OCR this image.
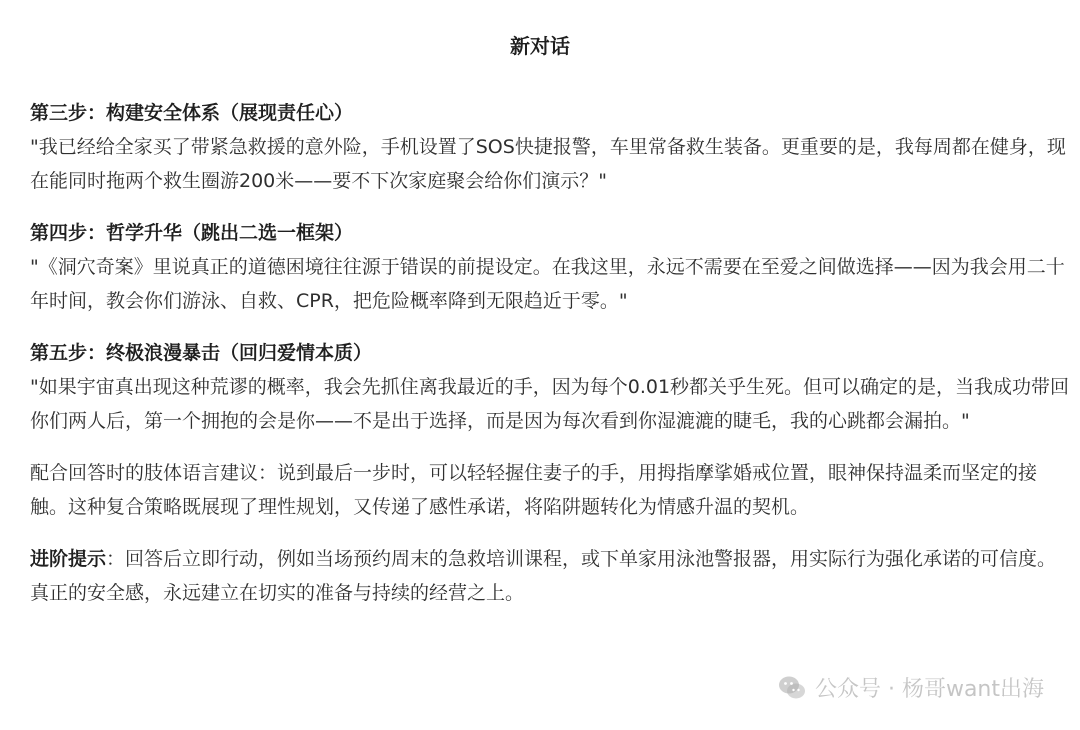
新对话
第三步：构建安全体系（展现责任心）
"我已经给全家买了带紧急救援的意外险，手机设置了SOS快捷报警，车里常备救生装备。更重要的是，我每周都在健身，现在能同时拖两个救生圈游200米——要不下次家庭聚会给你们演示？"
第四步：哲学升华（跳出二选一框架）
"《洞穴奇案》里说真正的道德困境往往源于错误的前提设定。在我这里，永远不需要在至爱之间做选择——因为我会用二十年时间，教会你们游泳、自救、CPR，把危险概率降到无限趋近于零。"
第五步：终极浪漫暴击（回归爱情本质）
"如果宇宙真出现这种荒谬的概率，我会先抓住离我最近的手，因为每个0.01秒都关乎生死。但可以确定的是，当我成功带回你们两人后，第一个拥抱的会是你——不是出于选择，而是因为每次看到你湿漉漉的睫毛，我的心跳都会漏拍。"
配合回答时的肢体语言建议：说到最后一步时，可以轻轻握住妻子的手，用拇指摩挲婚戒位置，眼神保持温柔而坚定的接触。这种复合策略既展现了理性规划，又传递了感性承诺，将陷阱题转化为情感升温的契机。
进阶提示：回答后立即行动，例如当场预约周末的急救培训课程，或下单家用泳池警报器，用实际行为强化承诺的可信度。真正的安全感，永远建立在切实的准备与持续的经营之上。
公众号 · 杨哥want出海
